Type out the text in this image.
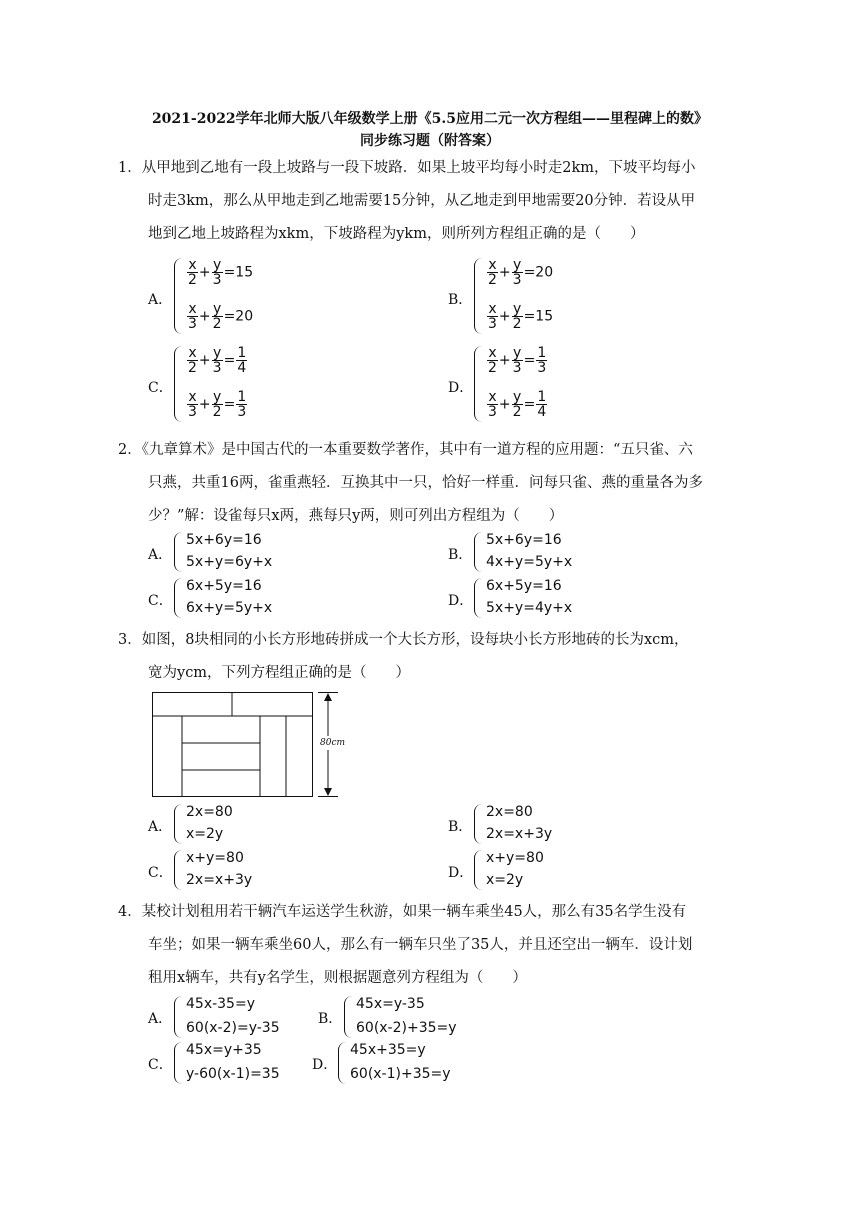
2021-2022学年北师大版八年级数学上册《5.5应用二元一次方程组——里程碑上的数》
同步练习题（附答案）
1．从甲地到乙地有一段上坡路与一段下坡路．如果上坡平均每小时走2km，下坡平均每小
时走3km，那么从甲地走到乙地需要15分钟，从乙地走到甲地需要20分钟．若设从甲
地到乙地上坡路程为xkm，下坡路程为ykm，则所列方程组正确的是（　　）
A．
$\frac{x}{2} + \frac{y}{3} =15$
$\frac{x}{3} + \frac{y}{2} =20$
B．
$\frac{x}{2} + \frac{y}{3} =20$
$\frac{x}{3} + \frac{y}{2} =15$
C．
$\frac{x}{2} + \frac{y}{3} = \frac{1}{4}$
$\frac{x}{3} + \frac{y}{2} = \frac{1}{3}$
D．
$\frac{x}{2} + \frac{y}{3} = \frac{1}{3}$
$\frac{x}{3} + \frac{y}{2} = \frac{1}{4}$
2．《九章算术》是中国古代的一本重要数学著作，其中有一道方程的应用题：“五只雀、六
只燕，共重16两，雀重燕轻．互换其中一只，恰好一样重．问每只雀、燕的重量各为多
少？”解：设雀每只x两，燕每只y两，则可列出方程组为（　　）
A．
5x+6y=16
5x+y=6y+x	B．
5x+6y=16
4x+y=5y+x
C．
6x+5y=16
6x+y=5y+x	D．
6x+5y=16
5x+y=4y+x
3．如图，8块相同的小长方形地砖拼成一个大长方形，设每块小长方形地砖的长为xcm，
宽为ycm，下列方程组正确的是（　　）
80cm
A．
2x=80
x=2y	B．
2x=80
2x=x+3y
C．
x+y=80
2x=x+3y	D．
x+y=80
x=2y
4．某校计划租用若干辆汽车运送学生秋游，如果一辆车乘坐45人，那么有35名学生没有
车坐；如果一辆车乘坐60人，那么有一辆车只坐了35人，并且还空出一辆车．设计划
租用x辆车，共有y名学生，则根据题意列方程组为（　　）
A．
45x-35=y
60(x-2)=y-35
B．
45x=y-35
60(x-2)+35=y
C．
45x=y+35
y-60(x-1)=35
D．
45x+35=y
60(x-1)+35=y
